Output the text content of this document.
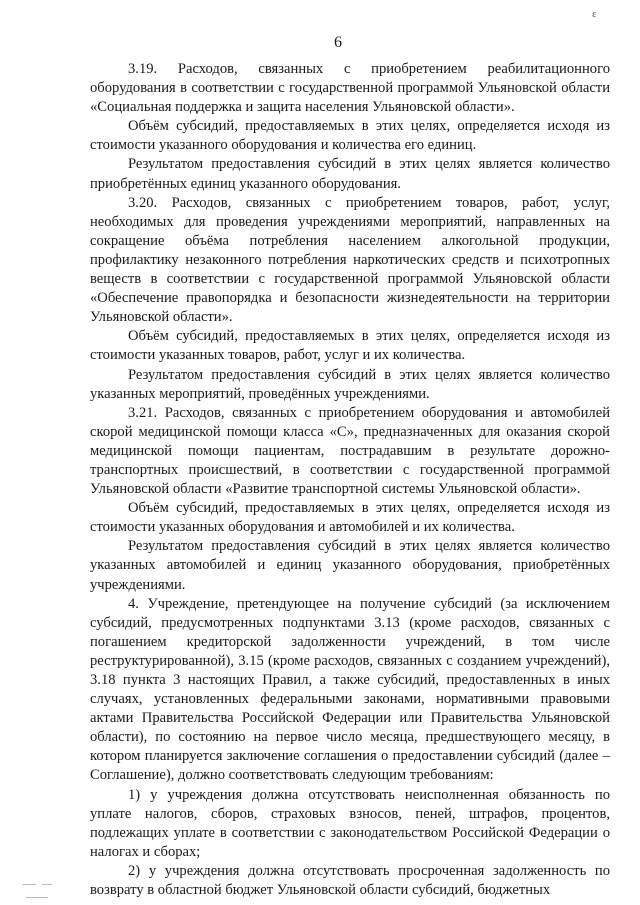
ε
6

3.19. Расходов, связанных с приобретением реабилитационного оборудования в соответствии с государственной программой Ульяновской области «Социальная поддержка и защита населения Ульяновской области».

Объём субсидий, предоставляемых в этих целях, определяется исходя из стоимости указанного оборудования и количества его единиц.

Результатом предоставления субсидий в этих целях является количество приобретённых единиц указанного оборудования.

3.20. Расходов, связанных с приобретением товаров, работ, услуг, необходимых для проведения учреждениями мероприятий, направленных на сокращение объёма потребления населением алкогольной продукции, профилактику незаконного потребления наркотических средств и психотропных веществ в соответствии с государственной программой Ульяновской области «Обеспечение правопорядка и безопасности жизнедеятельности на территории Ульяновской области».

Объём субсидий, предоставляемых в этих целях, определяется исходя из стоимости указанных товаров, работ, услуг и их количества.

Результатом предоставления субсидий в этих целях является количество указанных мероприятий, проведённых учреждениями.

3.21. Расходов, связанных с приобретением оборудования и автомобилей скорой медицинской помощи класса «С», предназначенных для оказания скорой медицинской помощи пациентам, пострадавшим в результате дорожно-транспортных происшествий, в соответствии с государственной программой Ульяновской области «Развитие транспортной системы Ульяновской области».

Объём субсидий, предоставляемых в этих целях, определяется исходя из стоимости указанных оборудования и автомобилей и их количества.

Результатом предоставления субсидий в этих целях является количество указанных автомобилей и единиц указанного оборудования, приобретённых учреждениями.

4. Учреждение, претендующее на получение субсидий (за исключением субсидий, предусмотренных подпунктами 3.13 (кроме расходов, связанных с погашением кредиторской задолженности учреждений, в том числе реструктурированной), 3.15 (кроме расходов, связанных с созданием учреждений), 3.18 пункта 3 настоящих Правил, а также субсидий, предоставленных в иных случаях, установленных федеральными законами, нормативными правовыми актами Правительства Российской Федерации или Правительства Ульяновской области), по состоянию на первое число месяца, предшествующего месяцу, в котором планируется заключение соглашения о предоставлении субсидий (далее – Соглашение), должно соответствовать следующим требованиям:

1) у учреждения должна отсутствовать неисполненная обязанность по уплате налогов, сборов, страховых взносов, пеней, штрафов, процентов, подлежащих уплате в соответствии с законодательством Российской Федерации о налогах и сборах;

2) у учреждения должна отсутствовать просроченная задолженность по возврату в областной бюджет Ульяновской области субсидий, бюджетных
